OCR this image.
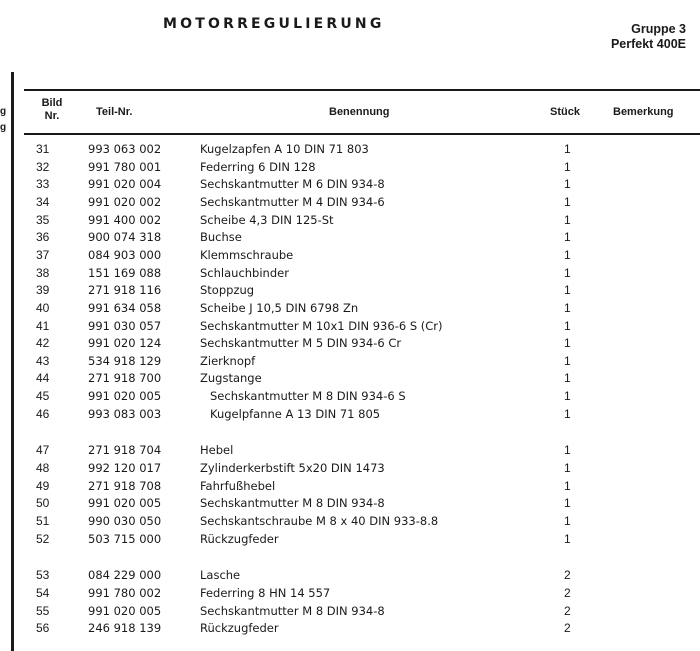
MOTORREGULIERUNG	Gruppe 3
Perfekt 400E
g
g
Bild
Nr.	Teil-Nr.	Benennung	Stück	Bemerkung
31	993 063 002	Kugelzapfen A 10 DIN 71 803	1
32	991 780 001	Federring 6 DIN 128	1
33	991 020 004	Sechskantmutter M 6 DIN 934-8	1
34	991 020 002	Sechskantmutter M 4 DIN 934-6	1
35	991 400 002	Scheibe 4,3 DIN 125-St	1
36	900 074 318	Buchse	1
37	084 903 000	Klemmschraube	1
38	151 169 088	Schlauchbinder	1
39	271 918 116	Stoppzug	1
40	991 634 058	Scheibe J 10,5 DIN 6798 Zn	1
41	991 030 057	Sechskantmutter M 10x1 DIN 936-6 S (Cr)	1
42	991 020 124	Sechskantmutter M 5 DIN 934-6 Cr	1
43	534 918 129	Zierknopf	1
44	271 918 700	Zugstange	1
45	991 020 005	Sechskantmutter M 8 DIN 934-6 S	1
46	993 083 003	Kugelpfanne A 13 DIN 71 805	1
47	271 918 704	Hebel	1
48	992 120 017	Zylinderkerbstift 5x20 DIN 1473	1
49	271 918 708	Fahrfußhebel	1
50	991 020 005	Sechskantmutter M 8 DIN 934-8	1
51	990 030 050	Sechskantschraube M 8 x 40 DIN 933-8.8	1
52	503 715 000	Rückzugfeder	1
53	084 229 000	Lasche	2
54	991 780 002	Federring 8 HN 14 557	2
55	991 020 005	Sechskantmutter M 8 DIN 934-8	2
56	246 918 139	Rückzugfeder	2
